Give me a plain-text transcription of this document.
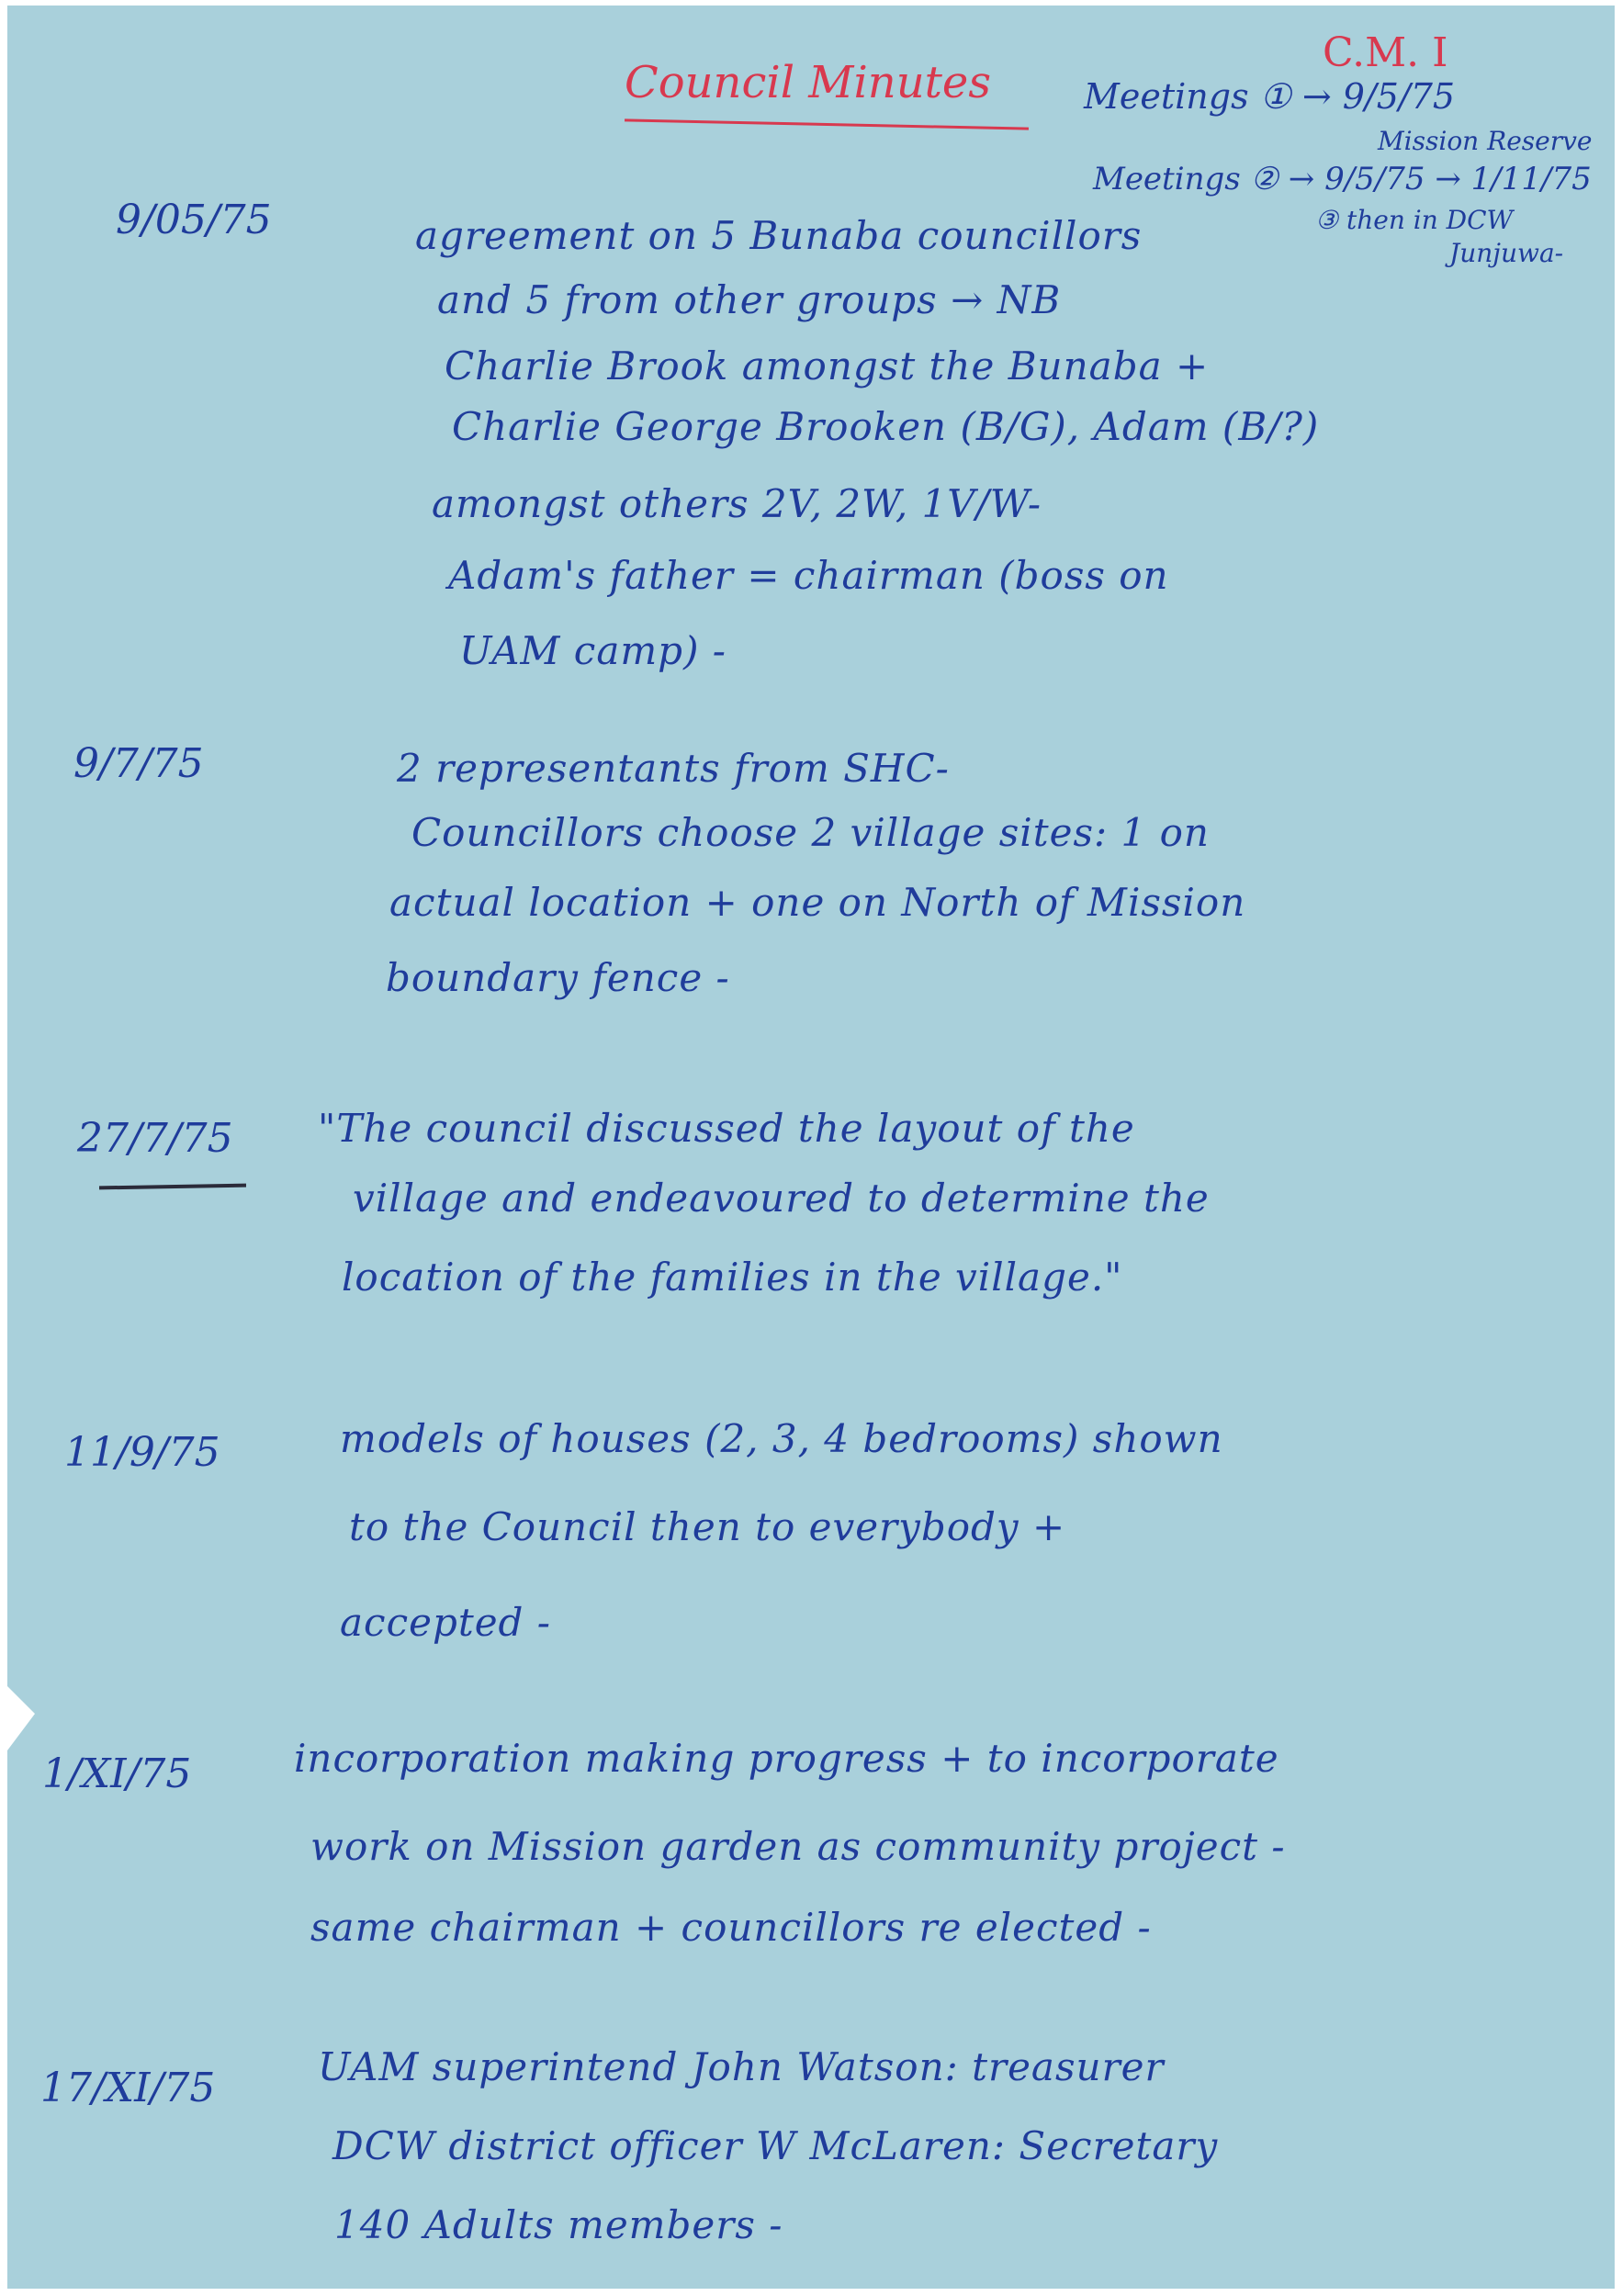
Council Minutes
C.M. I
Meetings ① → 9/5/75
Mission Reserve
Meetings ② → 9/5/75 → 1/11/75
③ then in DCW
Junjuwa-
9/05/75	agreement on 5 Bunaba councillors
and 5 from other groups → NB
Charlie Brook amongst the Bunaba +
Charlie George Brooken (B/G), Adam (B/?)
amongst others 2V, 2W, 1V/W-
Adam's father = chairman (boss on
UAM camp) -
9/7/75	2 representants from SHC-
Councillors choose 2 village sites: 1 on
actual location + one on North of Mission
boundary fence -
27/7/75 "The council discussed the layout of the
village and endeavoured to determine the
location of the families in the village."
11/9/75	models of houses (2, 3, 4 bedrooms) shown
to the Council then to everybody +
accepted -
1/XI/75	incorporation making progress + to incorporate
work on Mission garden as community project -
same chairman + councillors re elected -
17/XI/75	UAM superintend John Watson: treasurer
DCW district officer W McLaren: Secretary
140 Adults members -
